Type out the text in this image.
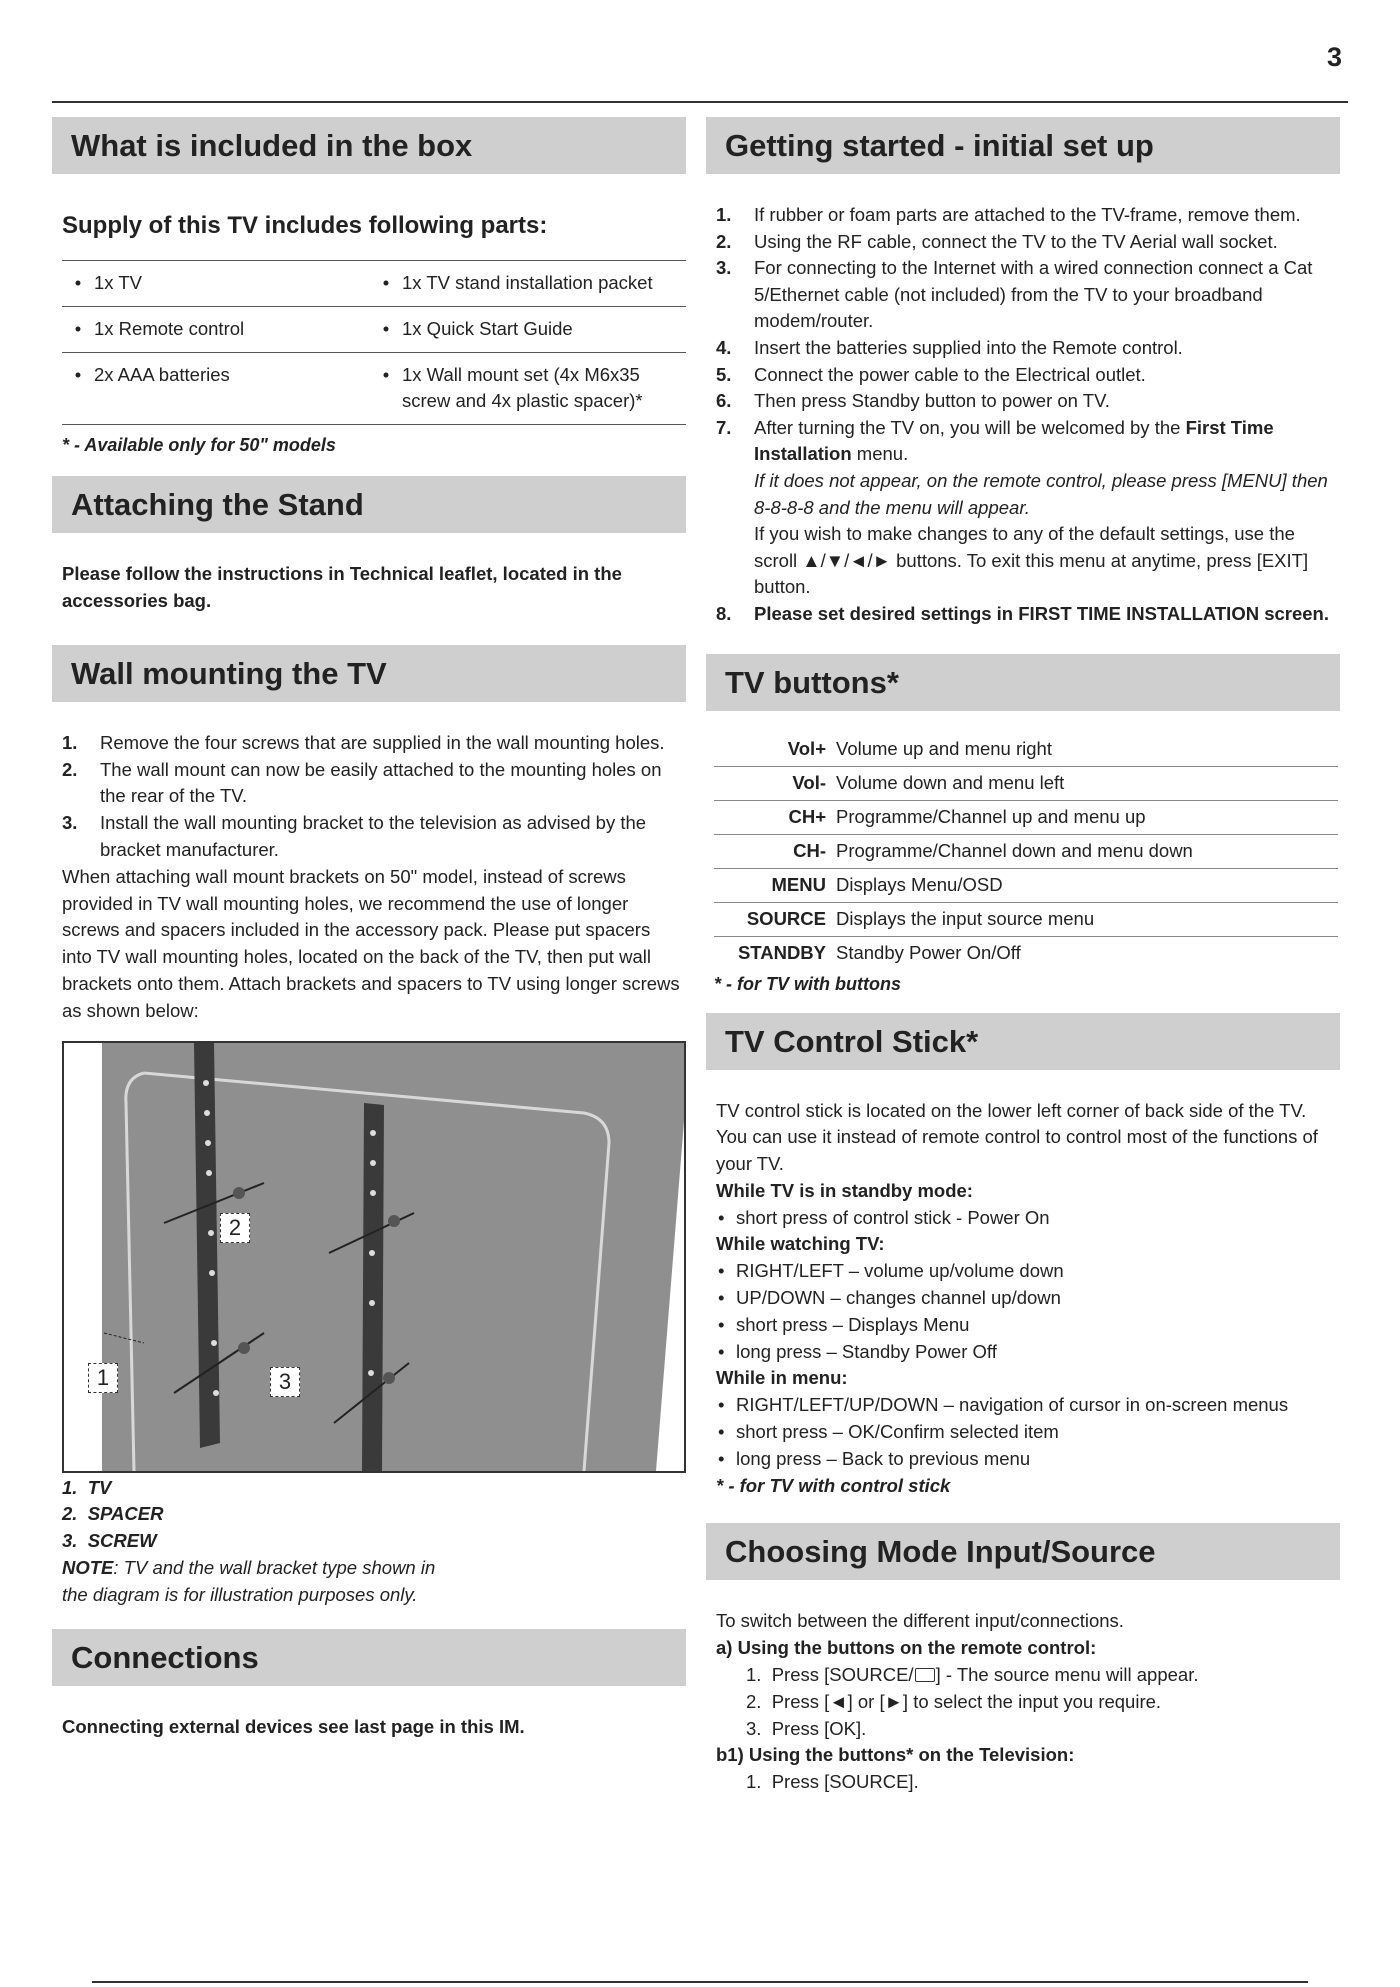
3
What is included in the box
Supply of this TV includes following parts:
•	1x TV	•	1x TV stand installation packet
•	1x Remote control	•	1x Quick Start Guide
•	2x AAA batteries	•	1x Wall mount set (4x M6x35 screw and 4x plastic spacer)*
* - Available only for 50" models
Attaching the Stand
Please follow the instructions in Technical leaflet, located in the accessories bag.
Wall mounting the TV
1. Remove the four screws that are supplied in the wall mounting holes.
2. The wall mount can now be easily attached to the mounting holes on the rear of the TV.
3. Install the wall mounting bracket to the television as advised by the bracket manufacturer.
When attaching wall mount brackets on 50" model, instead of screws provided in TV wall mounting holes, we recommend the use of longer screws and spacers included in the accessory pack. Please put spacers into TV wall mounting holes, located on the back of the TV, then put wall brackets onto them. Attach brackets and spacers to TV using longer screws as shown below:
1
2
3
1.  TV
2.  SPACER
3.  SCREW
NOTE: TV and the wall bracket type shown in the diagram is for illustration purposes only.
Connections
Connecting external devices see last page in this IM.
Getting started - initial set up
1. If rubber or foam parts are attached to the TV-frame, remove them.
2. Using the RF cable, connect the TV to the TV Aerial wall socket.
3. For connecting to the Internet with a wired connection connect a Cat 5/Ethernet cable (not included) from the TV to your broadband modem/router.
4. Insert the batteries supplied into the Remote control.
5. Connect the power cable to the Electrical outlet.
6. Then press Standby button to power on TV.
7. After turning the TV on, you will be welcomed by the First Time Installation menu.
If it does not appear, on the remote control, please press [MENU] then 8-8-8-8 and the menu will appear.
If you wish to make changes to any of the default settings, use the scroll ▲/▼/◄/► buttons. To exit this menu at anytime, press [EXIT] button.
8. Please set desired settings in FIRST TIME INSTALLATION screen.
TV buttons*
Vol+	Volume up and menu right
Vol-	Volume down and menu left
CH+	Programme/Channel up and menu up
CH-	Programme/Channel down and menu down
MENU	Displays Menu/OSD
SOURCE	Displays the input source menu
STANDBY	Standby Power On/Off
* - for TV with buttons
TV Control Stick*
TV control stick is located on the lower left corner of back side of the TV. You can use it instead of remote control to control most of the functions of your TV.
While TV is in standby mode:
• short press of control stick - Power On
While watching TV:
• RIGHT/LEFT – volume up/volume down
• UP/DOWN – changes channel up/down
• short press – Displays Menu
• long press – Standby Power Off
While in menu:
• RIGHT/LEFT/UP/DOWN – navigation of cursor in on-screen menus
• short press – OK/Confirm selected item
• long press – Back to previous menu
* - for TV with control stick
Choosing Mode Input/Source
To switch between the different input/connections.
a) Using the buttons on the remote control:
1.  Press [SOURCE/ ] - The source menu will appear.
2.  Press [◄] or [►] to select the input you require.
3.  Press [OK].
b1) Using the buttons* on the Television:
1.  Press [SOURCE].
